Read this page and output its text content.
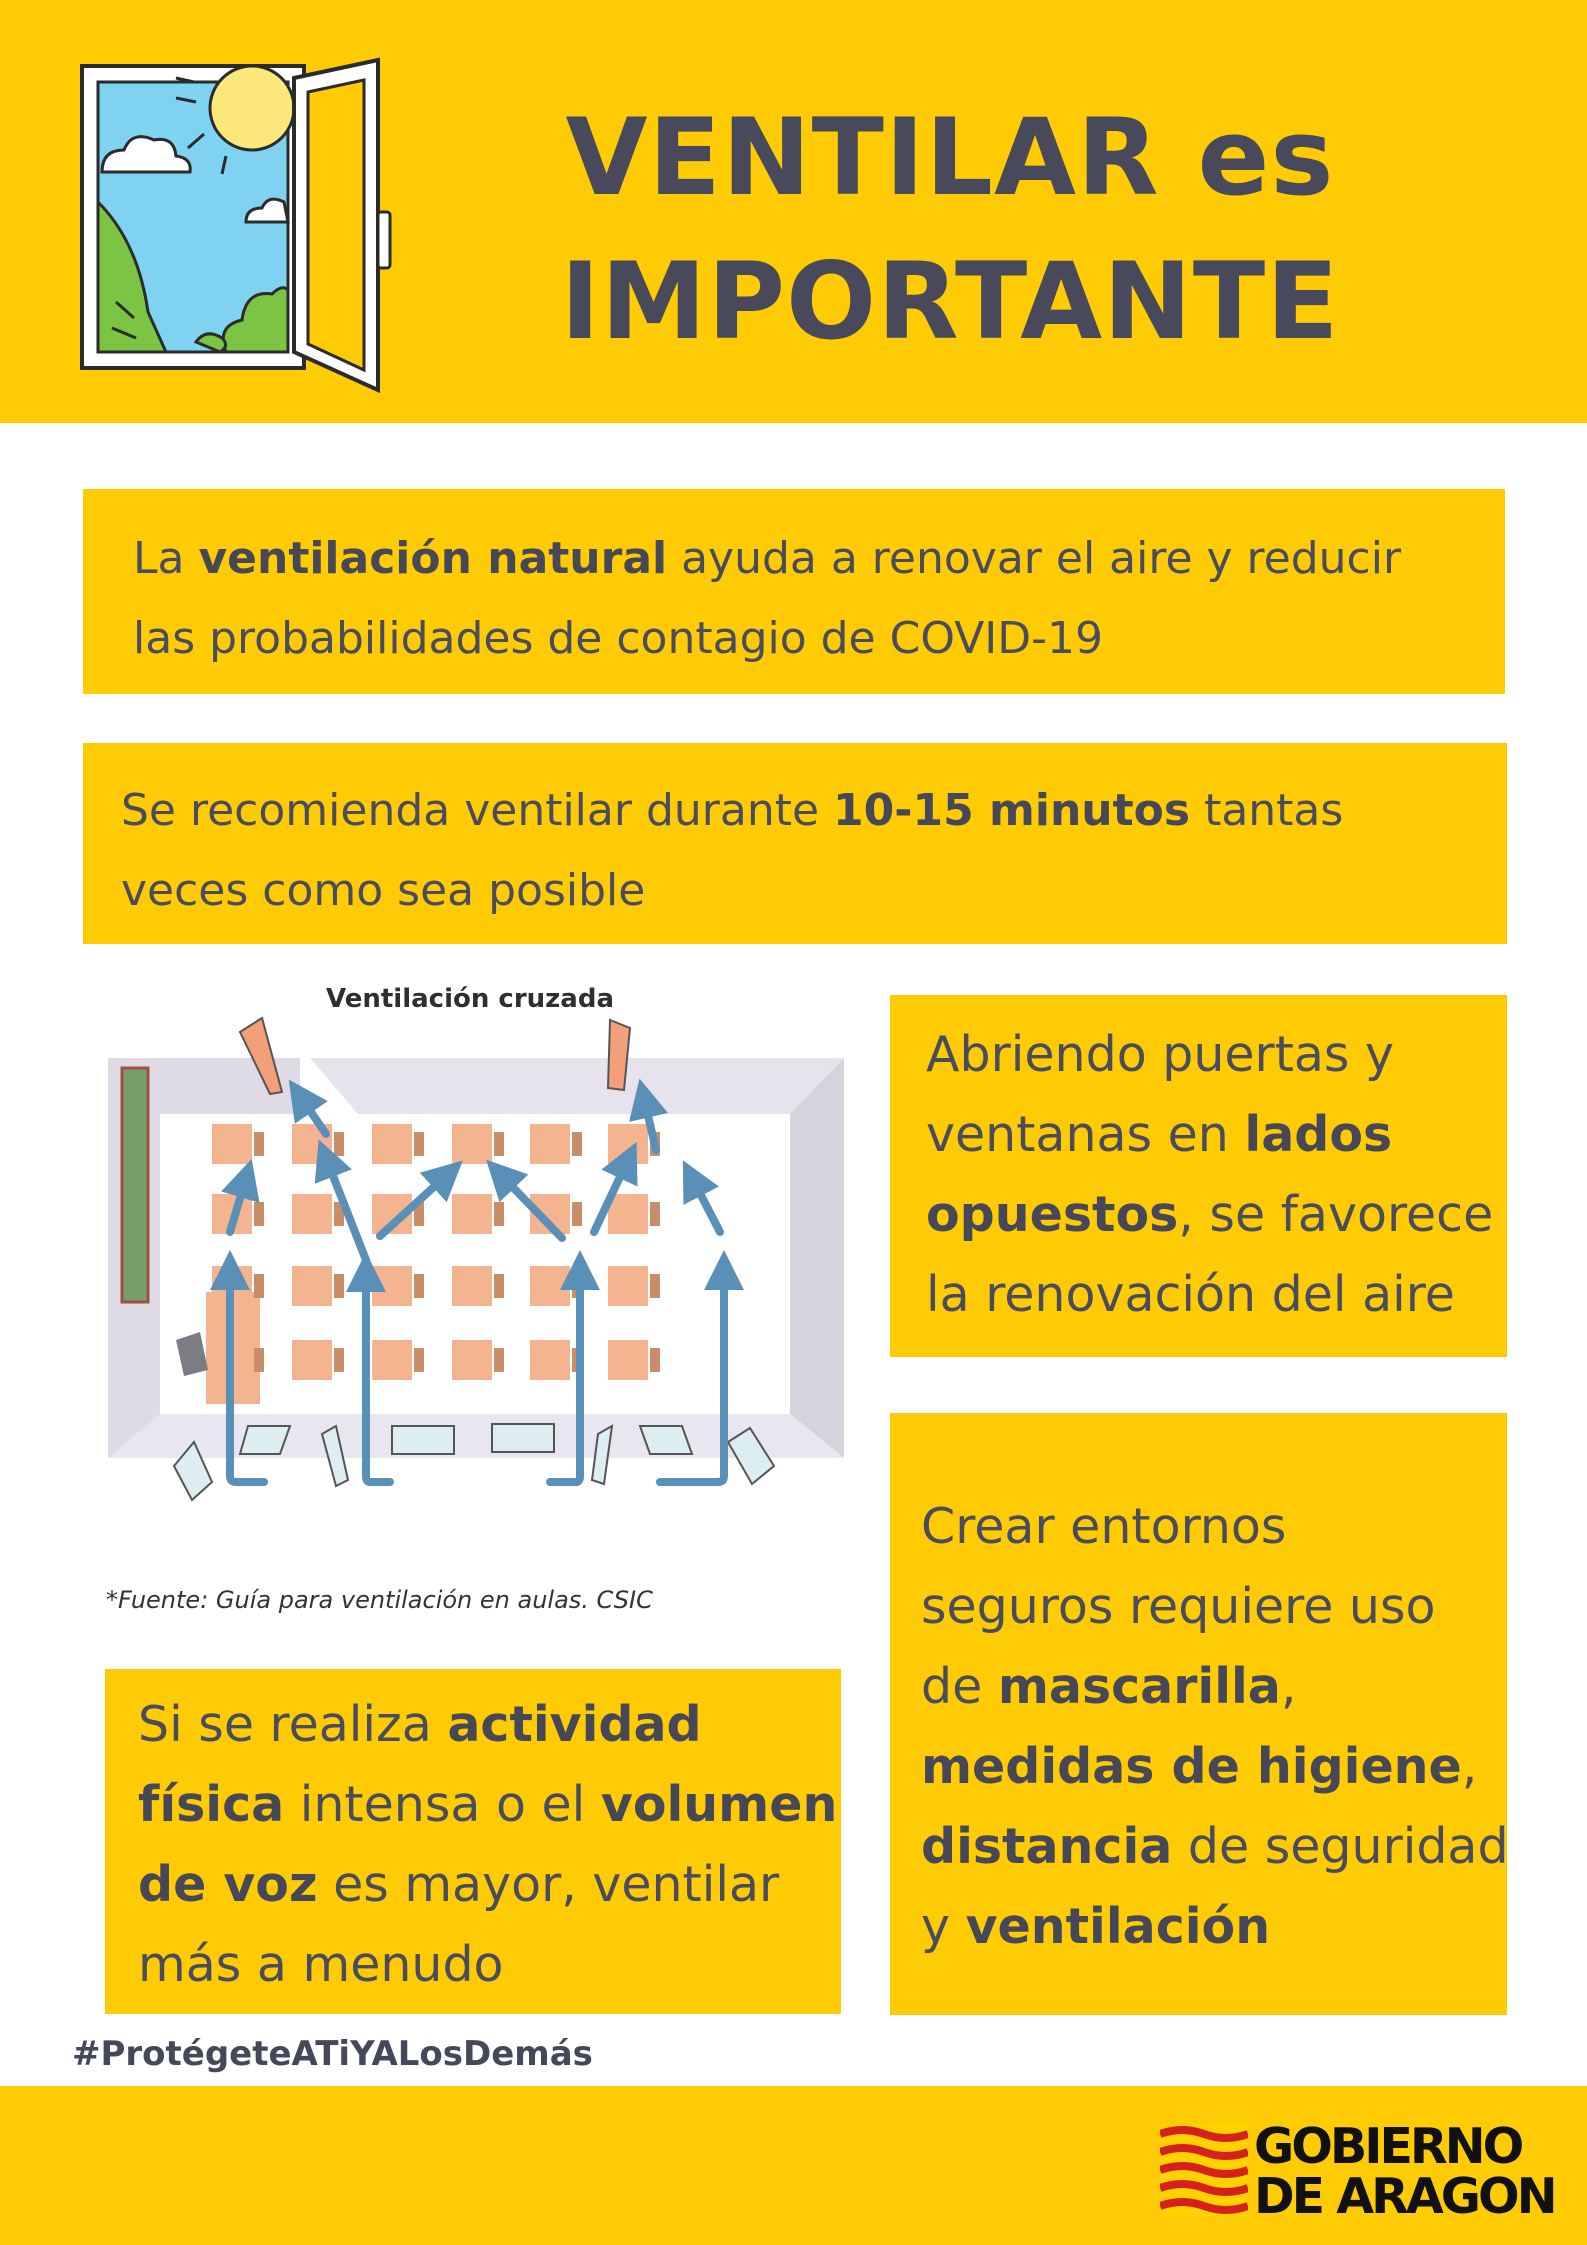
VENTILAR es
IMPORTANTE

La ventilación natural ayuda a renovar el aire y reducir

las probabilidades de contagio de COVID-19

Se recomienda ventilar durante 10-15 minutos tantas

veces como sea posible

Ventilación cruzada
*Fuente: Guía para ventilación en aulas. CSIC

Abriendo puertas y

ventanas en lados

opuestos, se favorece

la renovación del aire

Crear entornos

seguros requiere uso

de mascarilla,

medidas de higiene,

distancia de seguridad

y ventilación

Si se realiza actividad

física intensa o el volumen

de voz es mayor, ventilar

más a menudo

#ProtégeteATiYALosDemás
GOBIERNO
DE ARAGON
